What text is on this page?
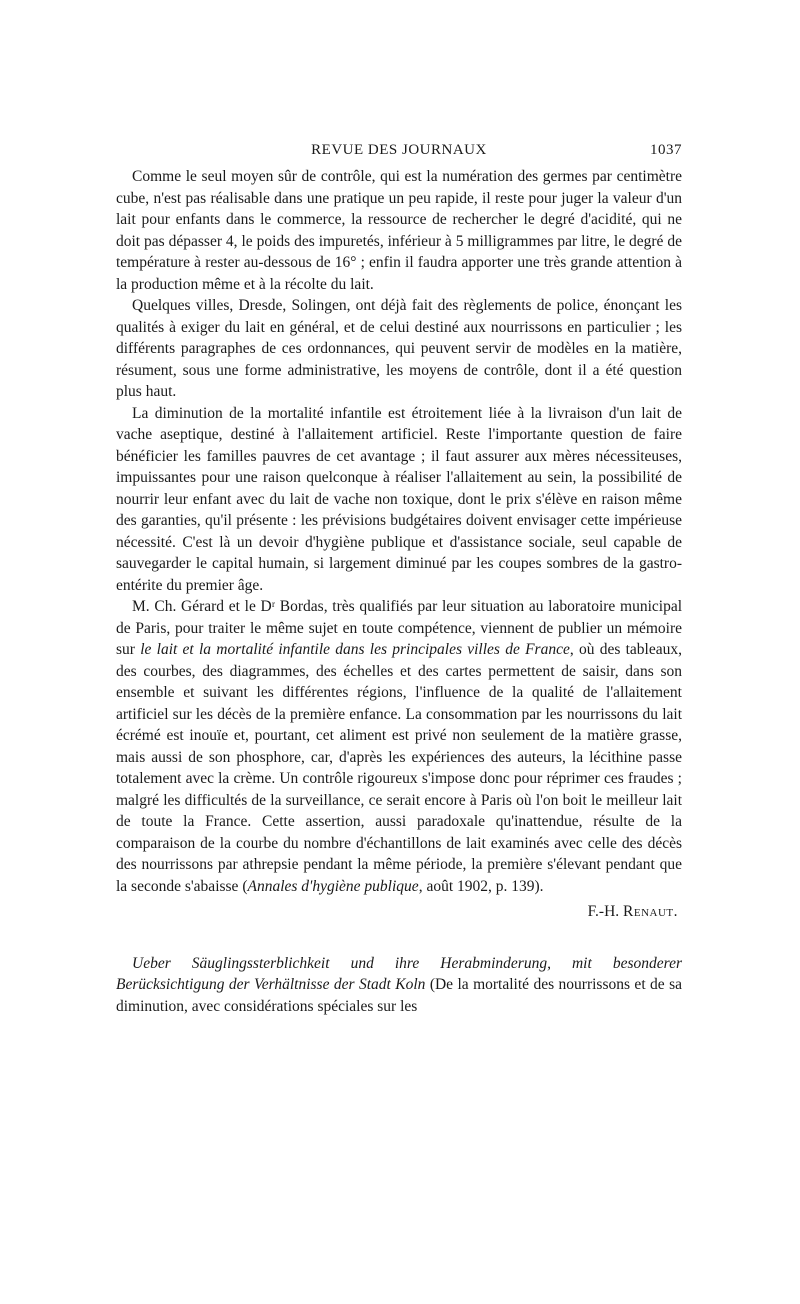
REVUE DES JOURNAUX	1037

Comme le seul moyen sûr de contrôle, qui est la numération des germes par centimètre cube, n'est pas réalisable dans une pratique un peu rapide, il reste pour juger la valeur d'un lait pour enfants dans le commerce, la ressource de rechercher le degré d'acidité, qui ne doit pas dépasser 4, le poids des impuretés, inférieur à 5 milligrammes par litre, le degré de température à rester au-dessous de 16° ; enfin il faudra apporter une très grande attention à la production même et à la récolte du lait.

Quelques villes, Dresde, Solingen, ont déjà fait des règlements de police, énonçant les qualités à exiger du lait en général, et de celui destiné aux nourrissons en particulier ; les différents paragraphes de ces ordonnances, qui peuvent servir de modèles en la matière, résument, sous une forme administrative, les moyens de contrôle, dont il a été question plus haut.

La diminution de la mortalité infantile est étroitement liée à la livraison d'un lait de vache aseptique, destiné à l'allaitement artificiel. Reste l'importante question de faire bénéficier les familles pauvres de cet avantage ; il faut assurer aux mères nécessiteuses, impuissantes pour une raison quelconque à réaliser l'allaitement au sein, la possibilité de nourrir leur enfant avec du lait de vache non toxique, dont le prix s'élève en raison même des garanties, qu'il présente : les prévisions budgétaires doivent envisager cette impérieuse nécessité. C'est là un devoir d'hygiène publique et d'assistance sociale, seul capable de sauvegarder le capital humain, si largement diminué par les coupes sombres de la gastro-entérite du premier âge.

M. Ch. Gérard et le Dʳ Bordas, très qualifiés par leur situation au laboratoire municipal de Paris, pour traiter le même sujet en toute compétence, viennent de publier un mémoire sur le lait et la mortalité infantile dans les principales villes de France, où des tableaux, des courbes, des diagrammes, des échelles et des cartes permettent de saisir, dans son ensemble et suivant les différentes régions, l'influence de la qualité de l'allaitement artificiel sur les décès de la première enfance. La consommation par les nourrissons du lait écrémé est inouïe et, pourtant, cet aliment est privé non seulement de la matière grasse, mais aussi de son phosphore, car, d'après les expériences des auteurs, la lécithine passe totalement avec la crème. Un contrôle rigoureux s'impose donc pour réprimer ces fraudes ; malgré les difficultés de la surveillance, ce serait encore à Paris où l'on boit le meilleur lait de toute la France. Cette assertion, aussi paradoxale qu'inattendue, résulte de la comparaison de la courbe du nombre d'échantillons de lait examinés avec celle des décès des nourrissons par athrepsie pendant la même période, la première s'élevant pendant que la seconde s'abaisse (Annales d'hygiène publique, août 1902, p. 139).

F.-H. Renaut.

Ueber Säuglingssterblichkeit und ihre Herabminderung, mit besonderer Berücksichtigung der Verhältnisse der Stadt Koln (De la mortalité des nourrissons et de sa diminution, avec considérations spéciales sur les
